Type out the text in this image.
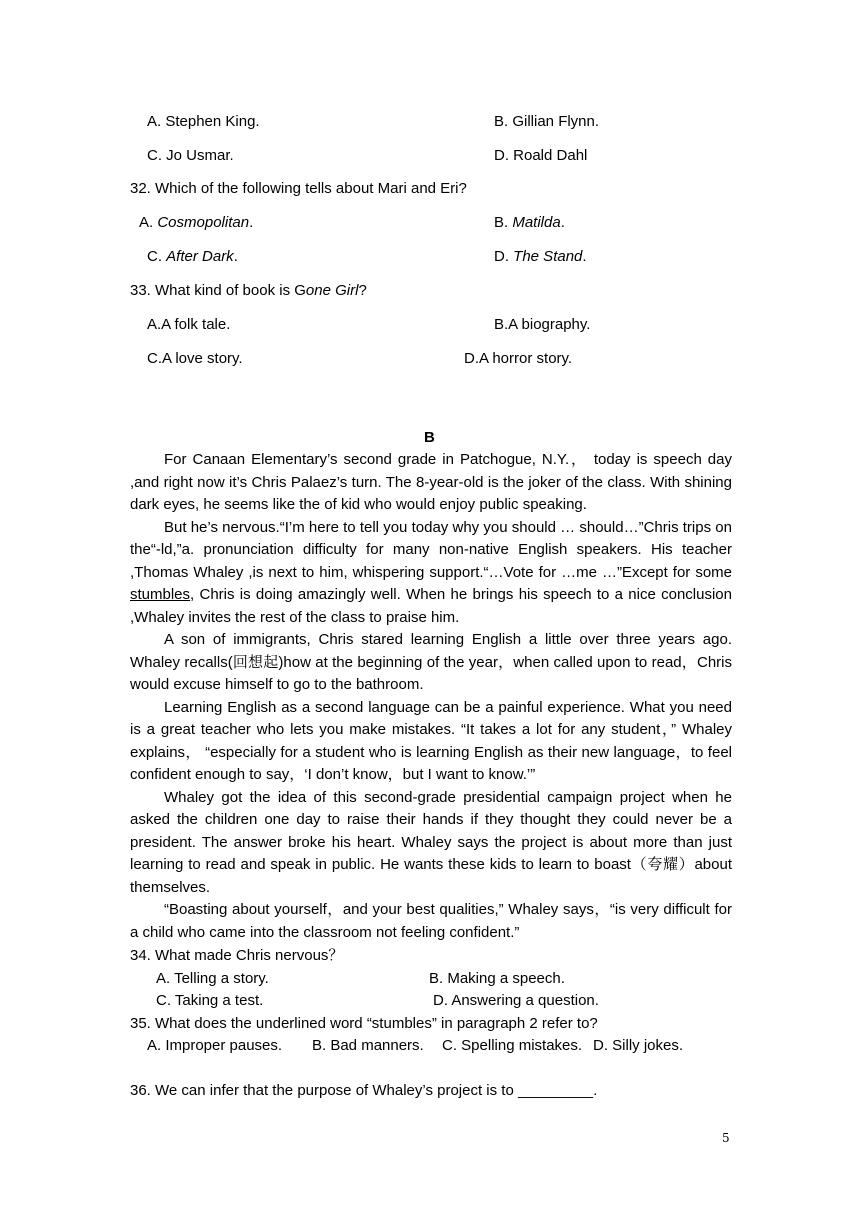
A. Stephen King.	B. Gillian Flynn.
C. Jo Usmar.	D. Roald Dahl
32. Which of the following tells about Mari and Eri?
A. Cosmopolitan.	B. Matilda.
C. After Dark.	D. The Stand.
33. What kind of book is Gone Girl?
A.A folk tale.	B.A biography.
C.A love story.	D.A horror story.
B

For Canaan Elementary’s second grade in Patchogue, N.Y.， today is speech day ,and right now it’s Chris Palaez’s turn. The 8-year-old is the joker of the class. With shining dark eyes, he seems like the of kid who would enjoy public speaking.

But he’s nervous.“I’m here to tell you today why you should … should…”Chris trips on the“-ld,”a. pronunciation difficulty for many non-native English speakers. His teacher ,Thomas Whaley ,is next to him, whispering support.“…Vote for …me …”Except for some stumbles, Chris is doing amazingly well. When he brings his speech to a nice conclusion ,Whaley invites the rest of the class to praise him.

A son of immigrants, Chris stared learning English a little over three years ago. Whaley recalls(回想起)how at the beginning of the year，when called upon to read，Chris would excuse himself to go to the bathroom.

Learning English as a second language can be a painful experience. What you need is a great teacher who lets you make mistakes. “It takes a lot for any student，” Whaley explains， “especially for a student who is learning English as their new language，to feel confident enough to say，‘I don’t know，but I want to know.’”

Whaley got the idea of this second-grade presidential campaign project when he asked the children one day to raise their hands if they thought they could never be a president. The answer broke his heart. Whaley says the project is about more than just learning to read and speak in public. He wants these kids to learn to boast（夸耀）about themselves.

“Boasting about yourself，and your best qualities,” Whaley says，“is very difficult for a child who came into the classroom not feeling confident.”

34. What made Chris nervous？
A. Telling a story.	B. Making a speech.
C. Taking a test.	D. Answering a question.
35. What does the underlined word “stumbles” in paragraph 2 refer to?
A. Improper pauses. B. Bad manners. C. Spelling mistakes. D. Silly jokes.
36. We can infer that the purpose of Whaley’s project is to _________.
5
